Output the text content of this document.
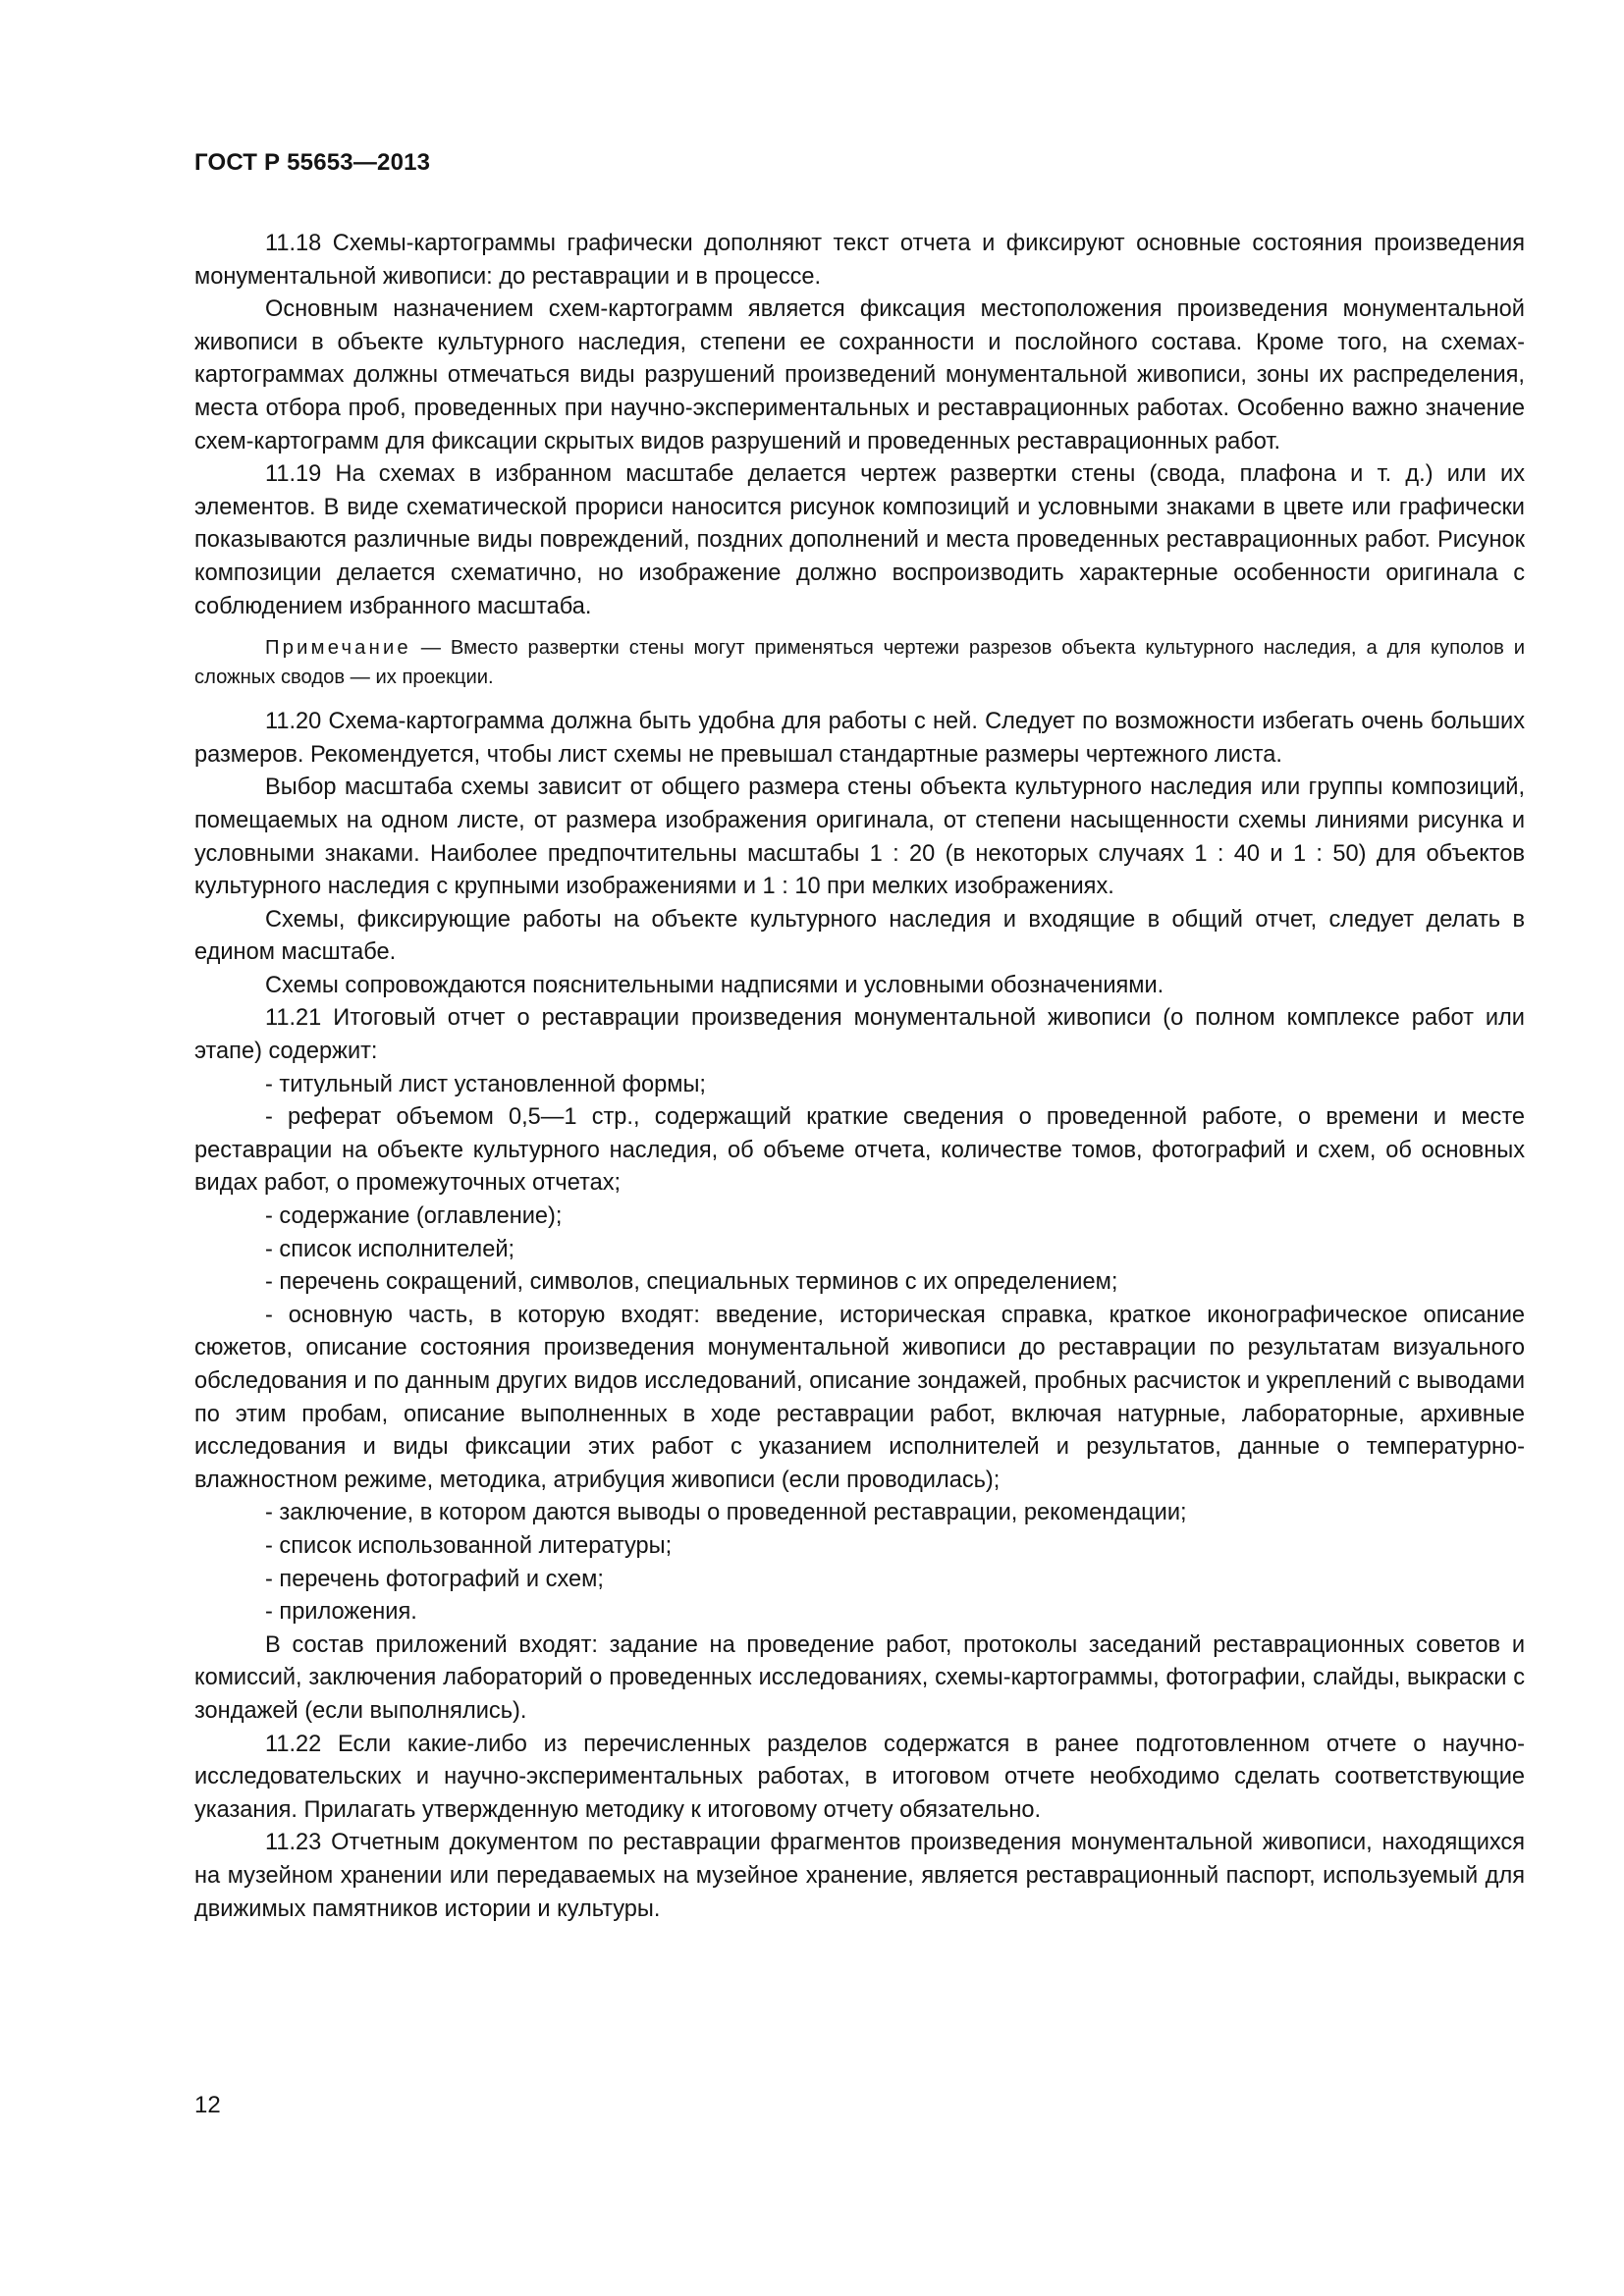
ГОСТ Р 55653—2013

11.18 Схемы-картограммы графически дополняют текст отчета и фиксируют основные состояния произведения монументальной живописи: до реставрации и в процессе.

Основным назначением схем-картограмм является фиксация местоположения произведения монументальной живописи в объекте культурного наследия, степени ее сохранности и послойного состава. Кроме того, на схемах-картограммах должны отмечаться виды разрушений произведений монументальной живописи, зоны их распределения, места отбора проб, проведенных при научно-экспериментальных и реставрационных работах. Особенно важно значение схем-картограмм для фиксации скрытых видов разрушений и проведенных реставрационных работ.

11.19 На схемах в избранном масштабе делается чертеж развертки стены (свода, плафона и т. д.) или их элементов. В виде схематической прориси наносится рисунок композиций и условными знаками в цвете или графически показываются различные виды повреждений, поздних дополнений и места проведенных реставрационных работ. Рисунок композиции делается схематично, но изображение должно воспроизводить характерные особенности оригинала с соблюдением избранного масштаба.

Примечание — Вместо развертки стены могут применяться чертежи разрезов объекта культурного наследия, а для куполов и сложных сводов — их проекции.

11.20 Схема-картограмма должна быть удобна для работы с ней. Следует по возможности избегать очень больших размеров. Рекомендуется, чтобы лист схемы не превышал стандартные размеры чертежного листа.

Выбор масштаба схемы зависит от общего размера стены объекта культурного наследия или группы композиций, помещаемых на одном листе, от размера изображения оригинала, от степени насыщенности схемы линиями рисунка и условными знаками. Наиболее предпочтительны масштабы 1 : 20 (в некоторых случаях 1 : 40 и 1 : 50) для объектов культурного наследия с крупными изображениями и 1 : 10 при мелких изображениях.

Схемы, фиксирующие работы на объекте культурного наследия и входящие в общий отчет, следует делать в едином масштабе.

Схемы сопровождаются пояснительными надписями и условными обозначениями.

11.21 Итоговый отчет о реставрации произведения монументальной живописи (о полном комплексе работ или этапе) содержит:

- титульный лист установленной формы;

- реферат объемом 0,5—1 стр., содержащий краткие сведения о проведенной работе, о времени и месте реставрации на объекте культурного наследия, об объеме отчета, количестве томов, фотографий и схем, об основных видах работ, о промежуточных отчетах;

- содержание (оглавление);

- список исполнителей;

- перечень сокращений, символов, специальных терминов с их определением;

- основную часть, в которую входят: введение, историческая справка, краткое иконографическое описание сюжетов, описание состояния произведения монументальной живописи до реставрации по результатам визуального обследования и по данным других видов исследований, описание зондажей, пробных расчисток и укреплений с выводами по этим пробам, описание выполненных в ходе реставрации работ, включая натурные, лабораторные, архивные исследования и виды фиксации этих работ с указанием исполнителей и результатов, данные о температурно-влажностном режиме, методика, атрибуция живописи (если проводилась);

- заключение, в котором даются выводы о проведенной реставрации, рекомендации;

- список использованной литературы;

- перечень фотографий и схем;

- приложения.

В состав приложений входят: задание на проведение работ, протоколы заседаний реставрационных советов и комиссий, заключения лабораторий о проведенных исследованиях, схемы-картограммы, фотографии, слайды, выкраски с зондажей (если выполнялись).

11.22 Если какие-либо из перечисленных разделов содержатся в ранее подготовленном отчете о научно-исследовательских и научно-экспериментальных работах, в итоговом отчете необходимо сделать соответствующие указания. Прилагать утвержденную методику к итоговому отчету обязательно.

11.23 Отчетным документом по реставрации фрагментов произведения монументальной живописи, находящихся на музейном хранении или передаваемых на музейное хранение, является реставрационный паспорт, используемый для движимых памятников истории и культуры.

12
